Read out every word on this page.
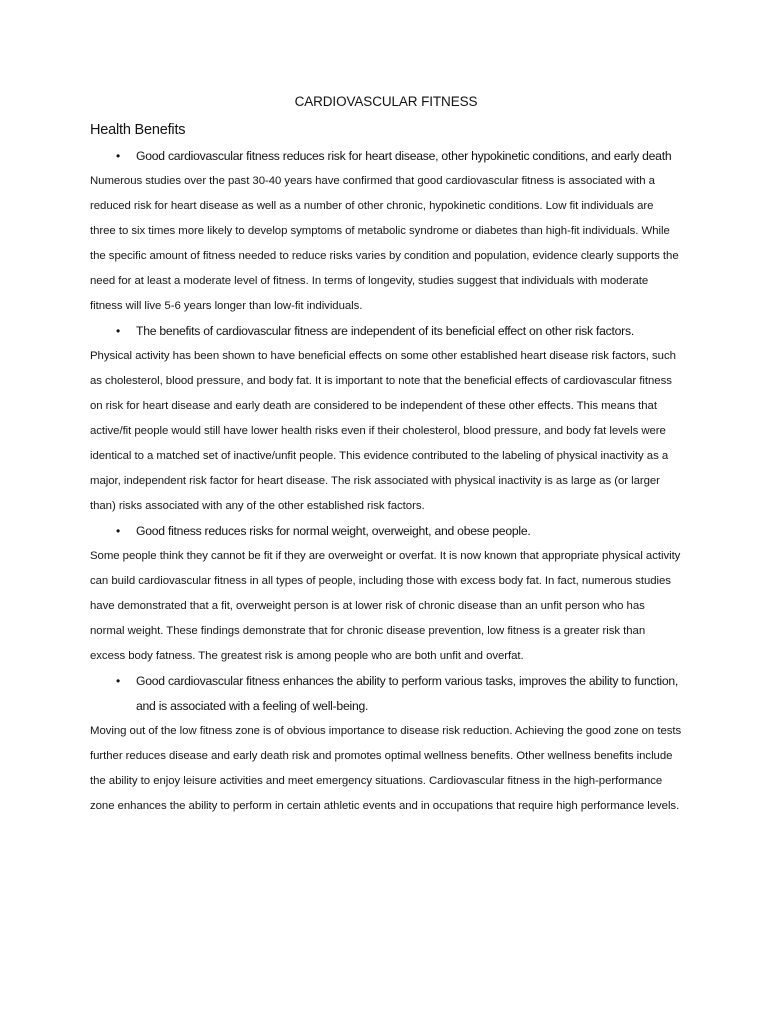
CARDIOVASCULAR FITNESS
Health Benefits

• Good cardiovascular fitness reduces risk for heart disease, other hypokinetic conditions, and early death

Numerous studies over the past 30-40 years have confirmed that good cardiovascular fitness is associated with a reduced risk for heart disease as well as a number of other chronic, hypokinetic conditions. Low fit individuals are three to six times more likely to develop symptoms of metabolic syndrome or diabetes than high-fit individuals. While the specific amount of fitness needed to reduce risks varies by condition and population, evidence clearly supports the need for at least a moderate level of fitness. In terms of longevity, studies suggest that individuals with moderate fitness will live 5-6 years longer than low-fit individuals.

• The benefits of cardiovascular fitness are independent of its beneficial effect on other risk factors.

Physical activity has been shown to have beneficial effects on some other established heart disease risk factors, such as cholesterol, blood pressure, and body fat. It is important to note that the beneficial effects of cardiovascular fitness on risk for heart disease and early death are considered to be independent of these other effects. This means that active/fit people would still have lower health risks even if their cholesterol, blood pressure, and body fat levels were identical to a matched set of inactive/unfit people. This evidence contributed to the labeling of physical inactivity as a major, independent risk factor for heart disease. The risk associated with physical inactivity is as large as (or larger than) risks associated with any of the other established risk factors.

• Good fitness reduces risks for normal weight, overweight, and obese people.

Some people think they cannot be fit if they are overweight or overfat. It is now known that appropriate physical activity can build cardiovascular fitness in all types of people, including those with excess body fat. In fact, numerous studies have demonstrated that a fit, overweight person is at lower risk of chronic disease than an unfit person who has normal weight. These findings demonstrate that for chronic disease prevention, low fitness is a greater risk than excess body fatness. The greatest risk is among people who are both unfit and overfat.

• Good cardiovascular fitness enhances the ability to perform various tasks, improves the ability to function, and is associated with a feeling of well-being.

Moving out of the low fitness zone is of obvious importance to disease risk reduction. Achieving the good zone on tests further reduces disease and early death risk and promotes optimal wellness benefits. Other wellness benefits include the ability to enjoy leisure activities and meet emergency situations. Cardiovascular fitness in the high-performance zone enhances the ability to perform in certain athletic events and in occupations that require high performance levels.
